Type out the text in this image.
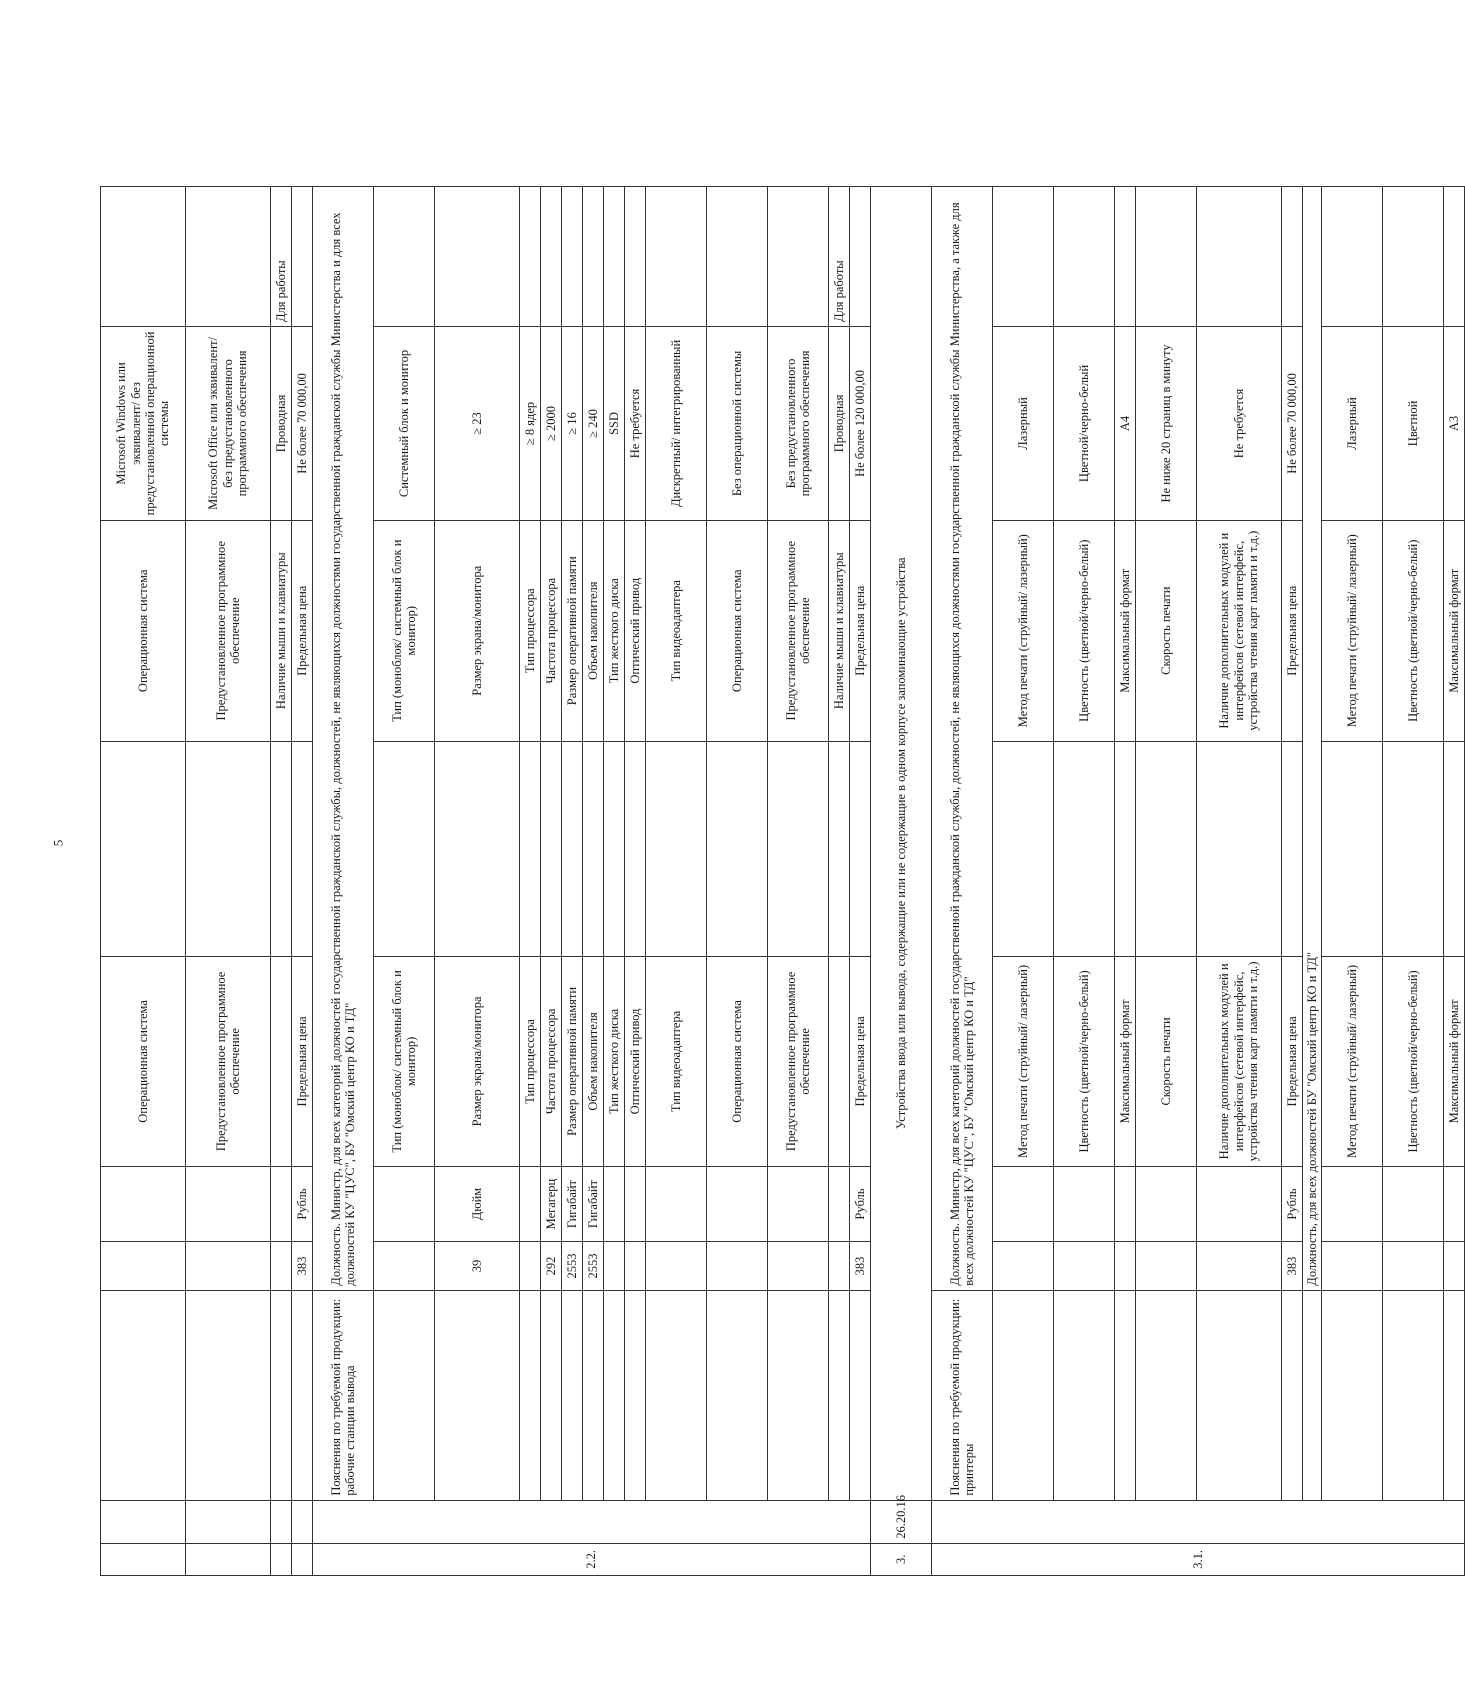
5
					Операционная система		Операционная система	Microsoft Windows или эквивалент/ без предустановленной операционной системы	
					Предустановленное программное обеспечение		Предустановленное программное обеспечение	Microsoft Office или эквивалент/ без предустановленного программного обеспечения	
							Наличие мыши и клавиатуры	Проводная	Для работы
			383	Рубль	Предельная цена		Предельная цена	Не более 70 000,00	
2.2.		Пояснения по требуемой продукции: рабочие станции вывода	Должность. Министр, для всех категорий должностей государственной гражданской службы, должностей, не являющихся должностями государственной гражданской службы Министерства и для всех должностей КУ "ЦУС", БУ "Омский центр КО и ТД"						
					Тип (моноблок/ системный блок и монитор)		Тип (моноблок/ системный блок и монитор)	Системный блок и монитор	
			39	Дюйм	Размер экрана/монитора		Размер экрана/монитора	≥ 23	
					Тип процессора		Тип процессора	≥ 8 ядер	
			292	Мегагерц	Частота процессора		Частота процессора	≥ 2000	
			2553	Гигабайт	Размер оперативной памяти		Размер оперативной памяти	≥ 16	
			2553	Гигабайт	Объем накопителя		Объем накопителя	≥ 240	
					Тип жесткого диска		Тип жесткого диска	SSD	
					Оптический привод		Оптический привод	Не требуется	
					Тип видеоадаптера		Тип видеоадаптера	Дискретный/ интегрированный	
					Операционная система		Операционная система	Без операционной системы	
					Предустановленное программное обеспечение		Предустановленное программное обеспечение	Без предустановленного программного обеспечения	
							Наличие мыши и клавиатуры	Проводная	Для работы
			383	Рубль	Предельная цена		Предельная цена	Не более 120 000,00	
3.	26.20.16	Устройства ввода или вывода, содержащие или не содержащие в одном корпусе запоминающие устройства							
3.1.		Пояснения по требуемой продукции: принтеры	Должность. Министр, для всех категорий должностей государственной гражданской службы, должностей, не являющихся должностями государственной гражданской службы Министерства, а также для всех должностей КУ "ЦУС", БУ "Омский центр КО и ТД"						
					Метод печати (струйный/ лазерный)		Метод печати (струйный/ лазерный)	Лазерный	
					Цветность (цветной/черно-белый)		Цветность (цветной/черно-белый)	Цветной/черно-белый	
					Максимальный формат		Максимальный формат	А4	
					Скорость печати		Скорость печати	Не ниже 20 страниц в минуту	
					Наличие дополнительных модулей и интерфейсов (сетевой интерфейс, устройства чтения карт памяти и т.д.)		Наличие дополнительных модулей и интерфейсов (сетевой интерфейс, устройства чтения карт памяти и т.д.)	Не требуется	
			383	Рубль	Предельная цена		Предельная цена	Не более 70 000,00	
			Должность, для всех должностей БУ "Омский центр КО и ТД"						
					Метод печати (струйный/ лазерный)		Метод печати (струйный/ лазерный)	Лазерный	
					Цветность (цветной/черно-белый)		Цветность (цветной/черно-белый)	Цветной	
					Максимальный формат		Максимальный формат	А3	
